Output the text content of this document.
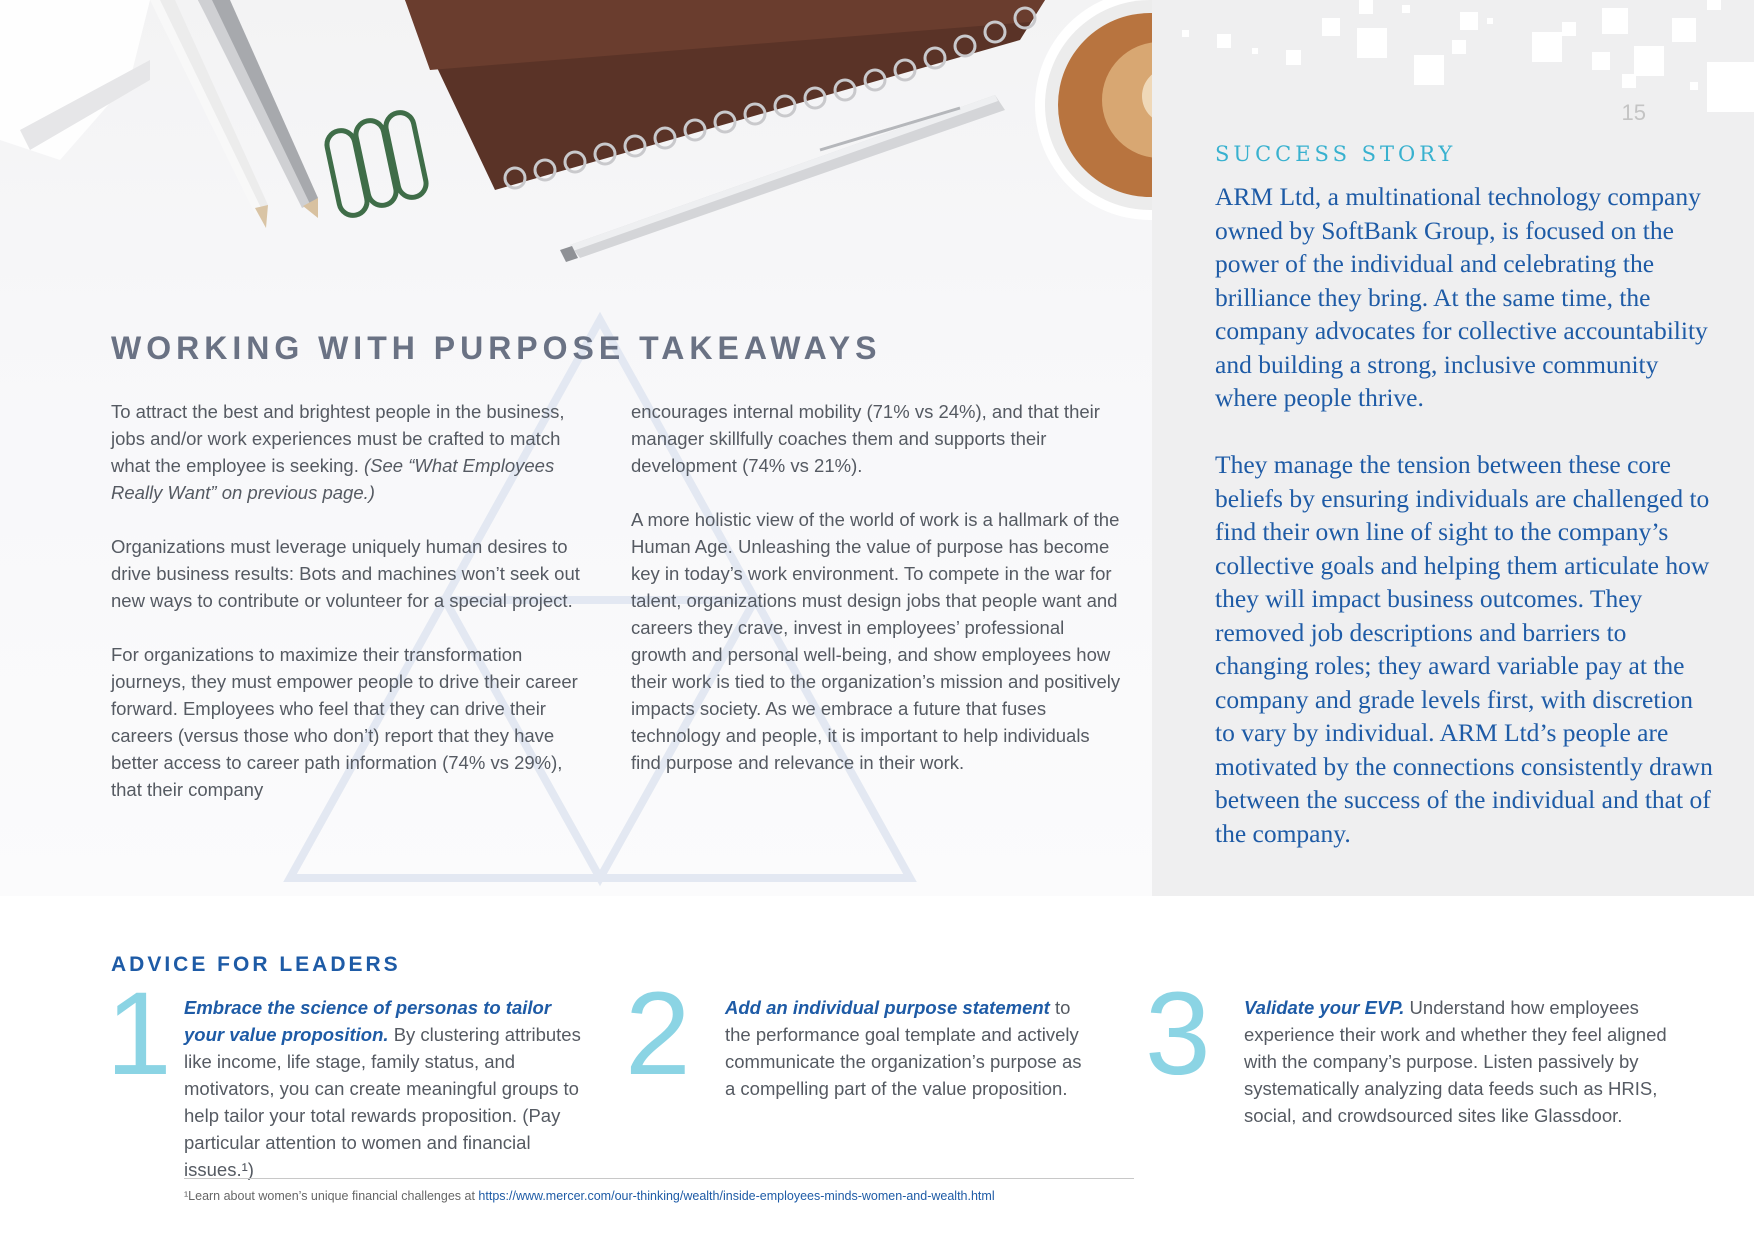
15
SUCCESS STORY

ARM Ltd, a multinational technology company owned by SoftBank Group, is focused on the power of the individual and celebrating the brilliance they bring. At the same time, the company advocates for collective accountability and building a strong, inclusive community where people thrive.

They manage the tension between these core beliefs by ensuring individuals are challenged to find their own line of sight to the company’s collective goals and helping them articulate how they will impact business outcomes. They removed job descriptions and barriers to changing roles; they award variable pay at the company and grade levels first, with discretion to vary by individual. ARM Ltd’s people are motivated by the connections consistently drawn between the success of the individual and that of the company.

WORKING WITH PURPOSE TAKEAWAYS

To attract the best and brightest people in the business, jobs and/or work experiences must be crafted to match what the employee is seeking. (See “What Employees Really Want” on previous page.)

Organizations must leverage uniquely human desires to drive business results: Bots and machines won’t seek out new ways to contribute or volunteer for a special project.

For organizations to maximize their transformation journeys, they must empower people to drive their career forward. Employees who feel that they can drive their careers (versus those who don’t) report that they have better access to career path information (74% vs 29%), that their company

encourages internal mobility (71% vs 24%), and that their manager skillfully coaches them and supports their development (74% vs 21%).

A more holistic view of the world of work is a hallmark of the Human Age. Unleashing the value of purpose has become key in today’s work environment. To compete in the war for talent, organizations must design jobs that people want and careers they crave, invest in employees’ professional growth and personal well-being, and show employees how their work is tied to the organization’s mission and positively impacts society. As we embrace a future that fuses technology and people, it is important to help individuals find purpose and relevance in their work.

ADVICE FOR LEADERS
1 Embrace the science of personas to tailor your value proposition. By clustering attributes like income, life stage, family status, and motivators, you can create meaningful groups to help tailor your total rewards proposition. (Pay particular attention to women and financial issues.¹)
2 Add an individual purpose statement to the performance goal template and actively communicate the organization’s purpose as a compelling part of the value proposition. 3 Validate your EVP. Understand how employees experience their work and whether they feel aligned with the company’s purpose. Listen passively by systematically analyzing data feeds such as HRIS, social, and crowdsourced sites like Glassdoor.
¹Learn about women’s unique financial challenges at https://www.mercer.com/our-thinking/wealth/inside-employees-minds-women-and-wealth.html
